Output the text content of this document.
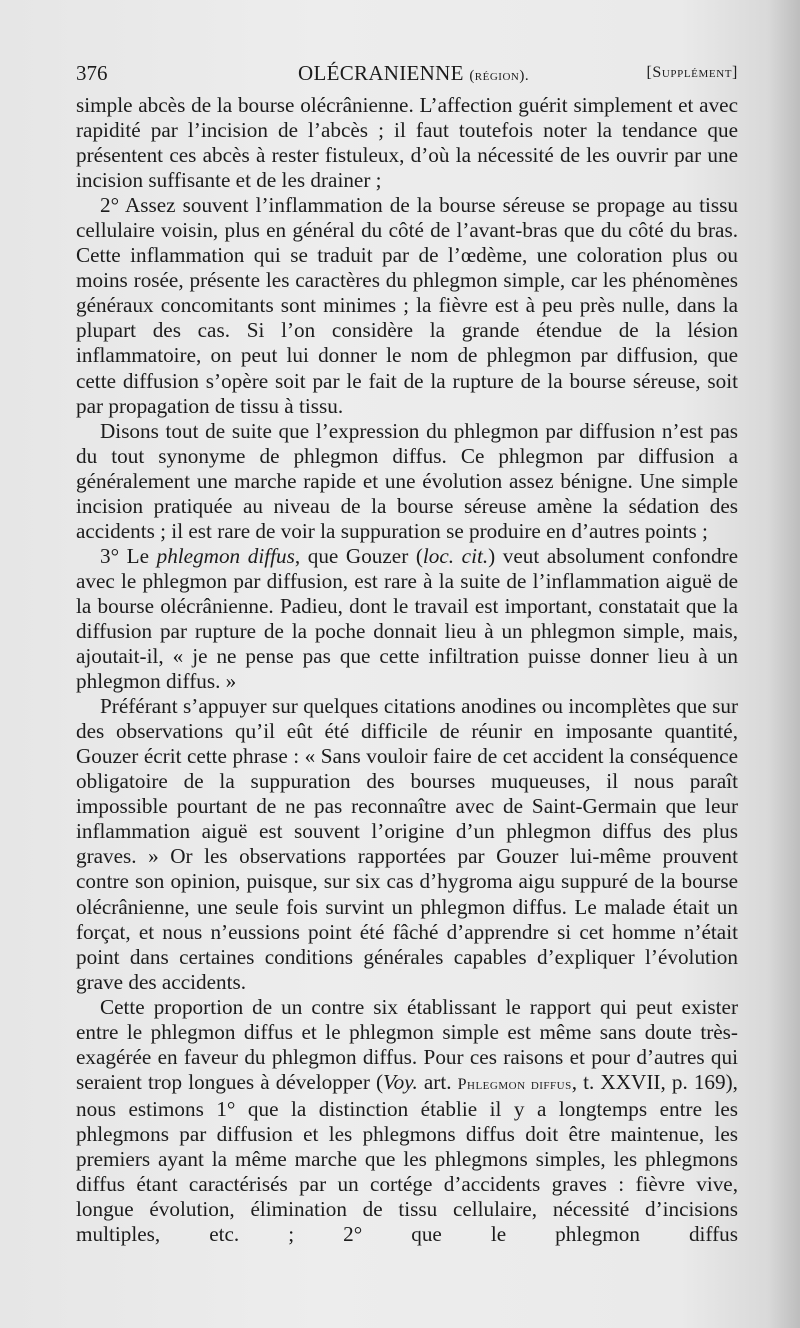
376	OLÉCRANIENNE (région).	[Supplément]

simple abcès de la bourse olécrânienne. L’affection guérit simplement et avec rapidité par l’incision de l’abcès ; il faut toutefois noter la tendance que présentent ces abcès à rester fistuleux, d’où la nécessité de les ouvrir par une incision suffisante et de les drainer ;

2° Assez souvent l’inflammation de la bourse séreuse se propage au tissu cellulaire voisin, plus en général du côté de l’avant-bras que du côté du bras. Cette inflammation qui se traduit par de l’œdème, une coloration plus ou moins rosée, présente les caractères du phlegmon simple, car les phénomènes généraux concomitants sont minimes ; la fièvre est à peu près nulle, dans la plupart des cas. Si l’on considère la grande étendue de la lésion inflammatoire, on peut lui donner le nom de phlegmon par diffusion, que cette diffusion s’opère soit par le fait de la rupture de la bourse séreuse, soit par propagation de tissu à tissu.

Disons tout de suite que l’expression du phlegmon par diffusion n’est pas du tout synonyme de phlegmon diffus. Ce phlegmon par diffusion a généralement une marche rapide et une évolution assez bénigne. Une simple incision pratiquée au niveau de la bourse séreuse amène la sédation des accidents ; il est rare de voir la suppuration se produire en d’autres points ;

3° Le phlegmon diffus, que Gouzer (loc. cit.) veut absolument confondre avec le phlegmon par diffusion, est rare à la suite de l’inflammation aiguë de la bourse olécrânienne. Padieu, dont le travail est important, constatait que la diffusion par rupture de la poche donnait lieu à un phlegmon simple, mais, ajoutait-il, « je ne pense pas que cette infiltration puisse donner lieu à un phlegmon diffus. »

Préférant s’appuyer sur quelques citations anodines ou incomplètes que sur des observations qu’il eût été difficile de réunir en imposante quantité, Gouzer écrit cette phrase : « Sans vouloir faire de cet accident la conséquence obligatoire de la suppuration des bourses muqueuses, il nous paraît impossible pourtant de ne pas reconnaître avec de Saint-Germain que leur inflammation aiguë est souvent l’origine d’un phlegmon diffus des plus graves. » Or les observations rapportées par Gouzer lui-même prouvent contre son opinion, puisque, sur six cas d’hygroma aigu suppuré de la bourse olécrânienne, une seule fois survint un phlegmon diffus. Le malade était un forçat, et nous n’eussions point été fâché d’apprendre si cet homme n’était point dans certaines conditions générales capables d’expliquer l’évolution grave des accidents.

Cette proportion de un contre six établissant le rapport qui peut exister entre le phlegmon diffus et le phlegmon simple est même sans doute très-exagérée en faveur du phlegmon diffus. Pour ces raisons et pour d’autres qui seraient trop longues à développer (Voy. art. Phlegmon diffus, t. XXVII, p. 169), nous estimons 1° que la distinction établie il y a longtemps entre les phlegmons par diffusion et les phlegmons diffus doit être maintenue, les premiers ayant la même marche que les phlegmons simples, les phlegmons diffus étant caractérisés par un cortége d’accidents graves : fièvre vive, longue évolution, élimination de tissu cellulaire, nécessité d’incisions multiples, etc. ; 2° que le phlegmon diffus
